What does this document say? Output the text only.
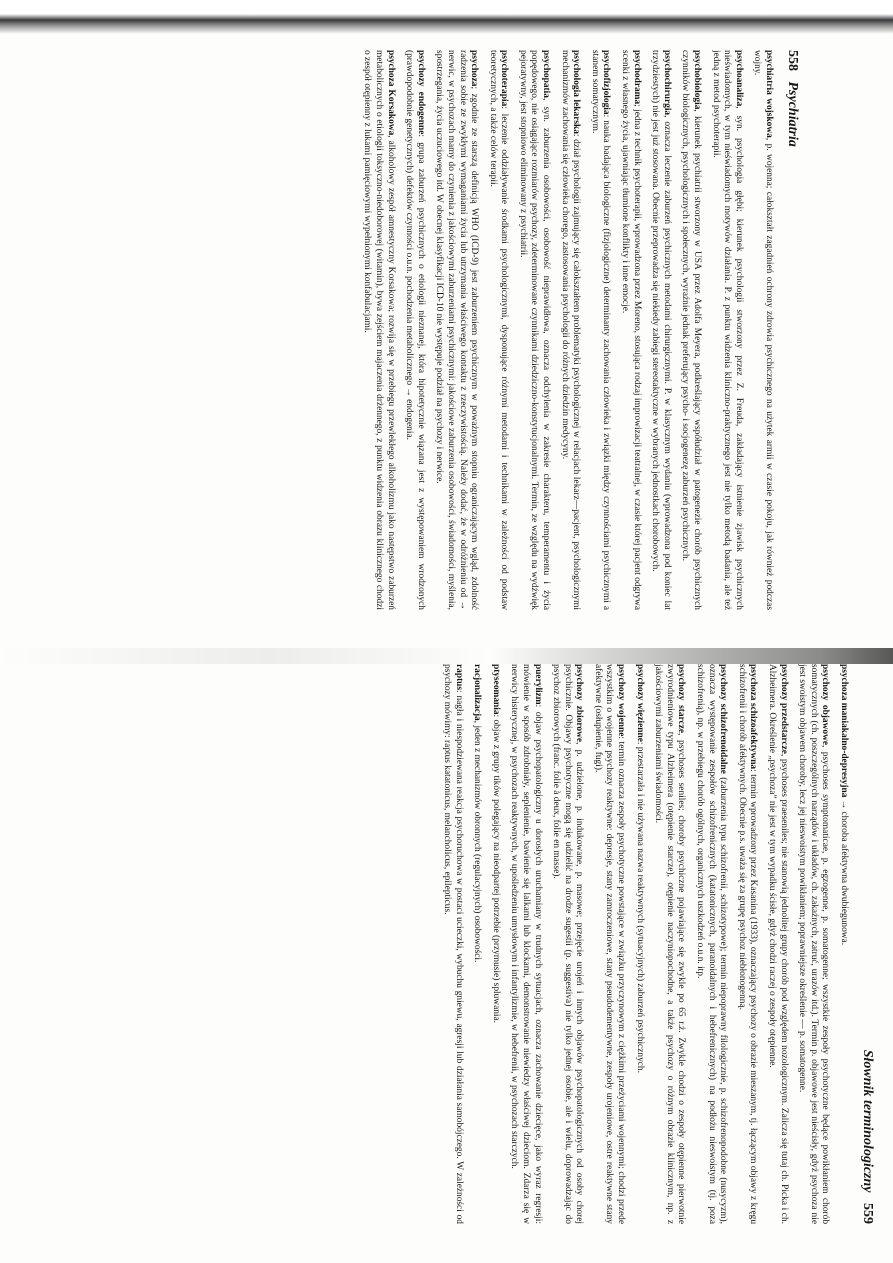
558   Psychiatria

psychiatria wojskowa, p. wojenna; całokształt zagadnień ochrony zdrowia psychicznego na użytek armii w czasie pokoju, jak również podczas wojny.

psychoanaliza, syn. psychologia głębi; kierunek psychologii stworzony przez Z. Freuda, zakładający istnienie zjawisk psychicznych nieświadomych, w tym nieświadomych motywów działania. P. z punktu widzenia kliniczno-praktycznego jest nie tylko metodą badania, ale też jedną z metod psychoterapii.

psychobiologia, kierunek psychiatrii stworzony w USA przez Adolfa Meyera, podkreślający współudział w patogenezie chorób psychicznych czynników biologicznych, psychologicznych i społecznych, wyraźnie jednak preferujący psycho- i socjogenezę zaburzeń psychicznych.

psychochirurgia, oznacza leczenie zaburzeń psychicznych metodami chirurgicznymi. P. w klasycznym wydaniu (wprowadzona pod koniec lat trzydziestych) nie jest już stosowana. Obecnie przeprowadza się niekiedy zabiegi stereotaktyczne w wybranych jednostkach chorobowych.

psychodrama; jedna z technik psychoterapii, wprowadzona przez Moreno, stosująca rodzaj improwizacji teatralnej, w czasie której pacjent odgrywa scenki z własnego życia, ujawniając tłumione konflikty i inne emocje.

psychofizjologia: nauka badająca biologiczne (fizjologiczne) determinanty zachowania człowieka i związki między czynnościami psychicznymi a stanem somatycznym.

psychologia lekarska: dział psychologii zajmujący się całokształtem problematyki psychologicznej w relacjach lekarz—pacjent, psychologicznymi mechanizmów zachowania się człowieka chorego, zastosowania psychologii do różnych dziedzin medycyny.

psychopatia, syn. zaburzenia osobowości, osobowość nieprawidłowa, oznacza odchylenia w zakresie charakteru, temperamentu i życia popędowego, nie osiągające rozmiarów psychozy, zdeterminowane czynnikami dziedziczno-konstytucjonalnymi. Termin, ze względu na wydźwięk pejoratywny, jest stopniowo eliminowany z psychiatrii.

psychoterapia: leczenie oddziaływanie środkami psychologicznymi, dysponujące różnymi metodami i technikami w zależności od podstaw teoretycznych, a także celów terapii.

psychoza; zgodnie ze starszą definicją WHO (ICD-9) jest zaburzeniem psychicznym w poważnym stopniu ograniczającym wgląd, zdolność radzenia sobie ze zwykłymi wymaganiami życia lub utrzymania właściwego kontaktu z rzeczywistością. Należy dodać, że w odróżnieniu od → nerwic, w psychozach mamy do czynienia z jakościowymi zaburzeniami psychicznymi: jakościowe zaburzenia osobowości, świadomości, myślenia, spostrzegania, życia uczuciowego itd. W obecnej klasyfikacji ICD-10 nie występuje podział na psychozy i nerwice.

psychozy endogenne: grupa zaburzeń psychicznych o etiologii nieznanej, która hipotetycznie wiązana jest z występowaniem wrodzonych (prawdopodobnie genetycznych) defektów czynności o.u.n. pochodzenia metabolicznego → endogenia.

psychoza Korsakowa, alkoholowy zespół amnestyczny Korsakowa; rozwija się w przebiegu przewlekłego alkoholizmu jako następstwo zaburzeń metabolicznych o etiologii toksyczno-niedoborowej (witamin), bywa zejściem majaczenia drżennego, z punktu widzenia obrazu klinicznego chodzi o zespół otępienny z lukami pamięciowymi wypełnionymi konfabulacjami.

Słownik terminologiczny   559

psychoza maniakalno-depresyjna → choroba afektywna dwubiegunowa.

psychozy objawowe, psychoses symptomaticae, p. egzogenne, p. somatogenne; wszystkie zespoły psychotyczne będące powikłaniem chorób somatycznych (ch. poszczególnych narządów i układów, ch. zakaźnych, zatruć, urazów itd.). Termin p. objawowe jest nieścisły, gdyż psychoza nie jest swoistym objawem choroby, lecz jej nieswoistym powikłaniem; poprawniejsze określenie — p. somatogenne.

psychozy przedstarcze, psychoses praeseniles; nie stanowią jednolitej grupy chorób pod względem nozologicznym. Zalicza się tutaj ch. Picka i ch. Alzheimera. Określenie „psychoza” nie jest w tym wypadku ścisłe, gdyż chodzi raczej o zespoły otępienne.

psychoza schizoafektywna: termin wprowadzony przez Kasanina (1933), oznaczający psychozy o obrazie mieszanym, tj. łączącym objawy z kręgu schizofrenii i chorób afektywnych. Obecnie p.s. uważa się za grupę psychoz niebłonogenną.

psychozy schizofrenoidalne (zaburzenia typu schizofrenii, schizotypowe); termin niepoprawny filologicznie, p. schizofrenopodobne (nusycyzm), oznacza występowanie zespołów schizofrenicznych (katatonicznych, paranoidalnych i hebefrenicznych) na podłożu nieswoistym (tj. poza schizofrenią), np. w przebiegu chorób ogólnych, organicznych uszkodzeń o.u.n. itp.

psychozy starcze, psychoses seniles; choroby psychiczne pojawiające się zwykle po 65 r.ż. Zwykle chodzi o zespoły otępienne pierwotnie zwyrodnieniowe typu Alzheimera (otępienie starcze), otępienie naczyniopochodne, a także psychozy o różnym obrazie klinicznym, np. z jakościowymi zaburzeniami świadomości.

psychozy więzienne: przestarzała i nie używana nazwa reaktywnych (sytuacyjnych) zaburzeń psychicznych.

psychozy wojenne: termin oznacza zespoły psychotyczne powstające w związku przyczynowym z ciężkimi przeżyciami wojennymi; chodzi przede wszystkim o wojenne psychozy reaktywne: depresje, stany zamroczeniowe, stany pseudodementywne, zespoły urojeniowe, ostre reaktywne stany afektywne (osłupienie, fugi).

psychozy zbiorowe, p. udzielone, p. indukowane, p. masowe; przejęcie urojeń i innych objawów psychopatologicznych od osoby chorej psychicznie. Objawy psychotyczne mogą się udzielić na drodze sugestii (p. suggestiva) nie tylko jednej osobie, ale i wielu, doprowadzając do psychoz zbiorowych (franc. folie à deux, folie en masse).

puerylizm: objaw psychopatologiczny u dorosłych uruchamiany w trudnych sytuacjach, oznacza zachowanie dziecięce, jako wyraz regresji: mówienie w sposób zdrobniały, seplenienie, bawienie się lalkami lub klockami, demonstrowanie niewiedzy właściwej dzieciom. Zdarza się w nerwicy histerycznej, w psychozach reaktywnych, w upośledzeniu umysłowym i infantylizmie, w hebefrenii, w psychozach starczych.

ptyseomania: objaw z grupy tików polegający na nieodpartej potrzebie (przymusie) spluwania.

racjonalizacja, jeden z mechanizmów obronnych (regulacyjnych) osobowości.

raptus: nagła i niespodziewana reakcja psychoruchowa w postaci ucieczki, wybuchu gniewu, agresji lub działania samobójczego. W zależności od psychozy mówimy: raptus katatonicus, melancholicus, epilepticus.
